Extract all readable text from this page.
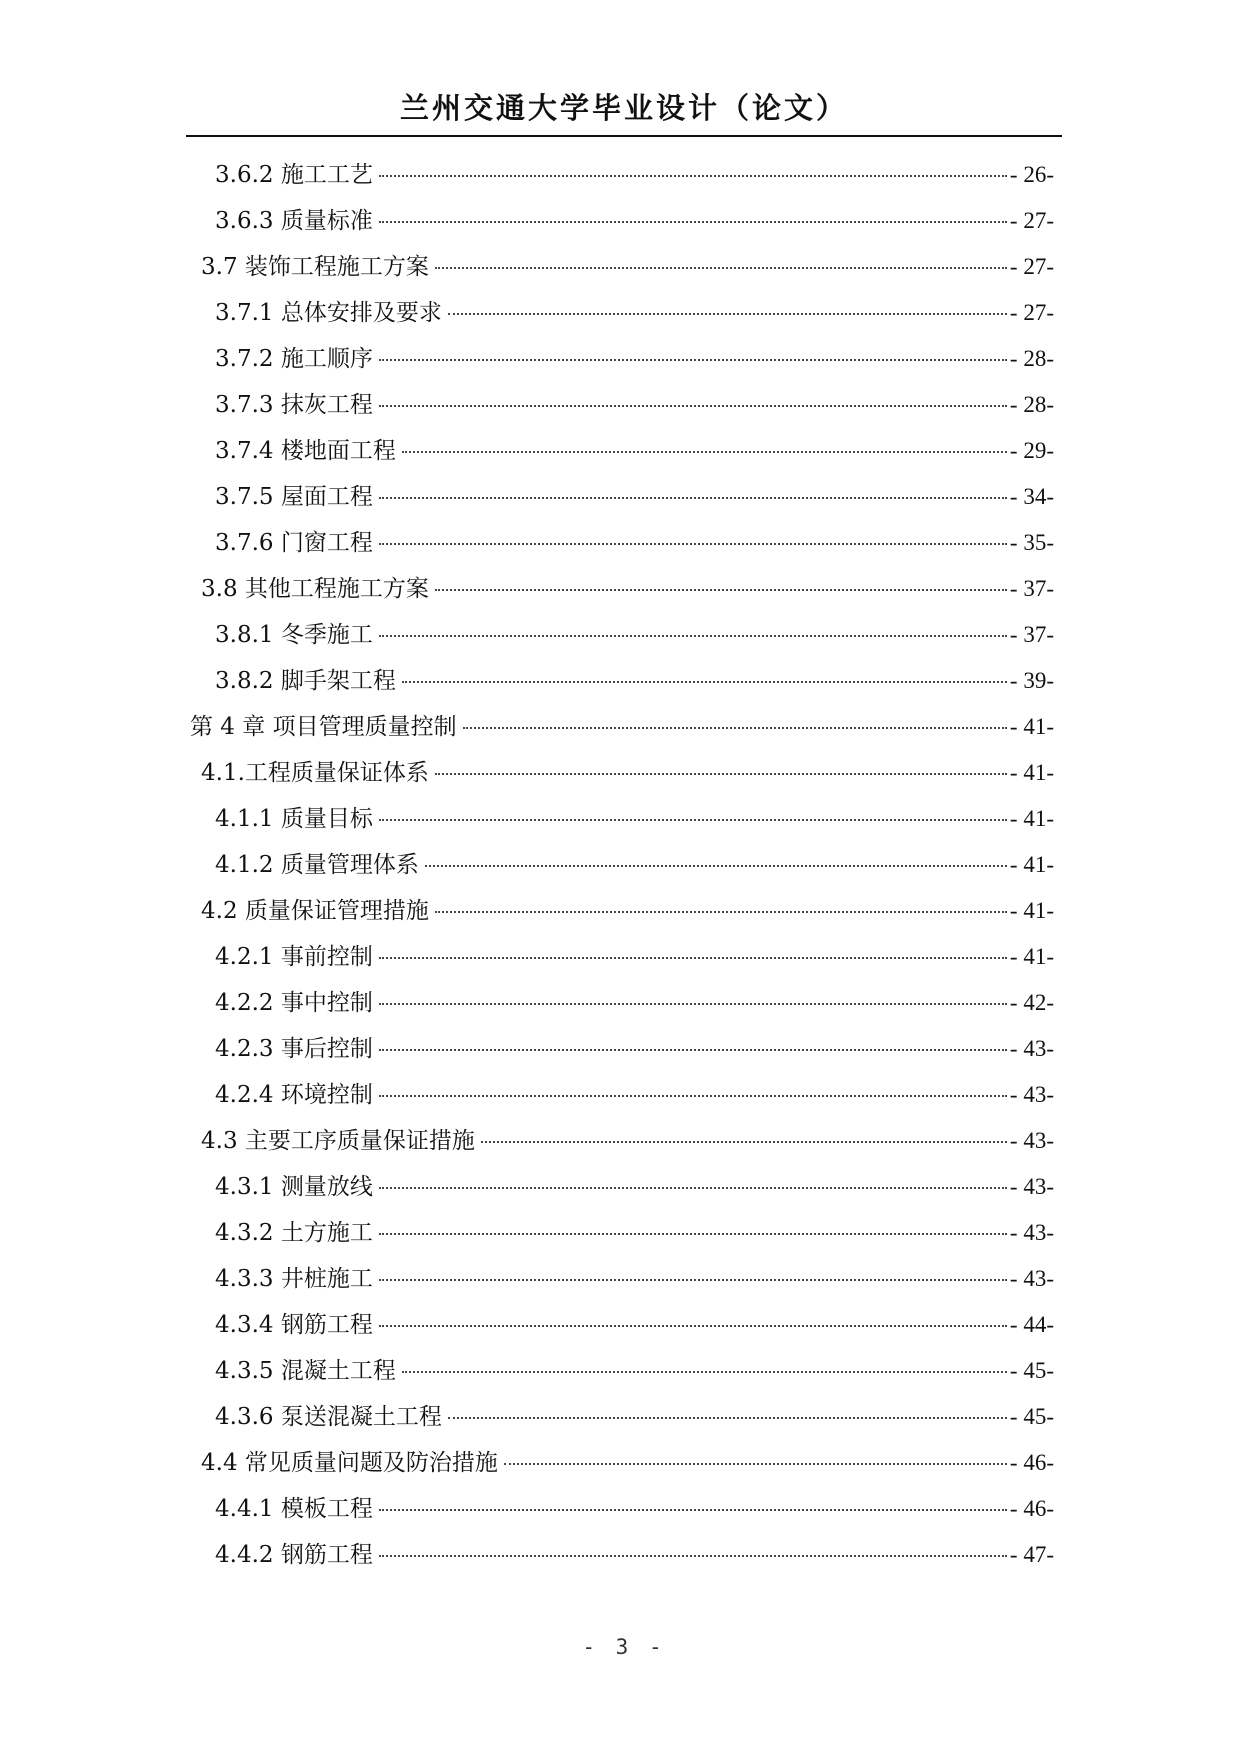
兰州交通大学毕业设计（论文）
3.6.2 施工工艺	- 26-
3.6.3 质量标准	- 27-
3.7 装饰工程施工方案	- 27-
3.7.1 总体安排及要求	- 27-
3.7.2 施工顺序	- 28-
3.7.3 抹灰工程	- 28-
3.7.4 楼地面工程	- 29-
3.7.5 屋面工程	- 34-
3.7.6 门窗工程	- 35-
3.8 其他工程施工方案	- 37-
3.8.1 冬季施工	- 37-
3.8.2 脚手架工程	- 39-
第 4 章 项目管理质量控制	- 41-
4.1.工程质量保证体系	- 41-
4.1.1 质量目标	- 41-
4.1.2 质量管理体系	- 41-
4.2 质量保证管理措施	- 41-
4.2.1 事前控制	- 41-
4.2.2 事中控制	- 42-
4.2.3 事后控制	- 43-
4.2.4 环境控制	- 43-
4.3 主要工序质量保证措施	- 43-
4.3.1 测量放线	- 43-
4.3.2 土方施工	- 43-
4.3.3 井桩施工	- 43-
4.3.4 钢筋工程	- 44-
4.3.5 混凝土工程	- 45-
4.3.6 泵送混凝土工程	- 45-
4.4 常见质量问题及防治措施	- 46-
4.4.1 模板工程	- 46-
4.4.2 钢筋工程	- 47-
- 3 -
